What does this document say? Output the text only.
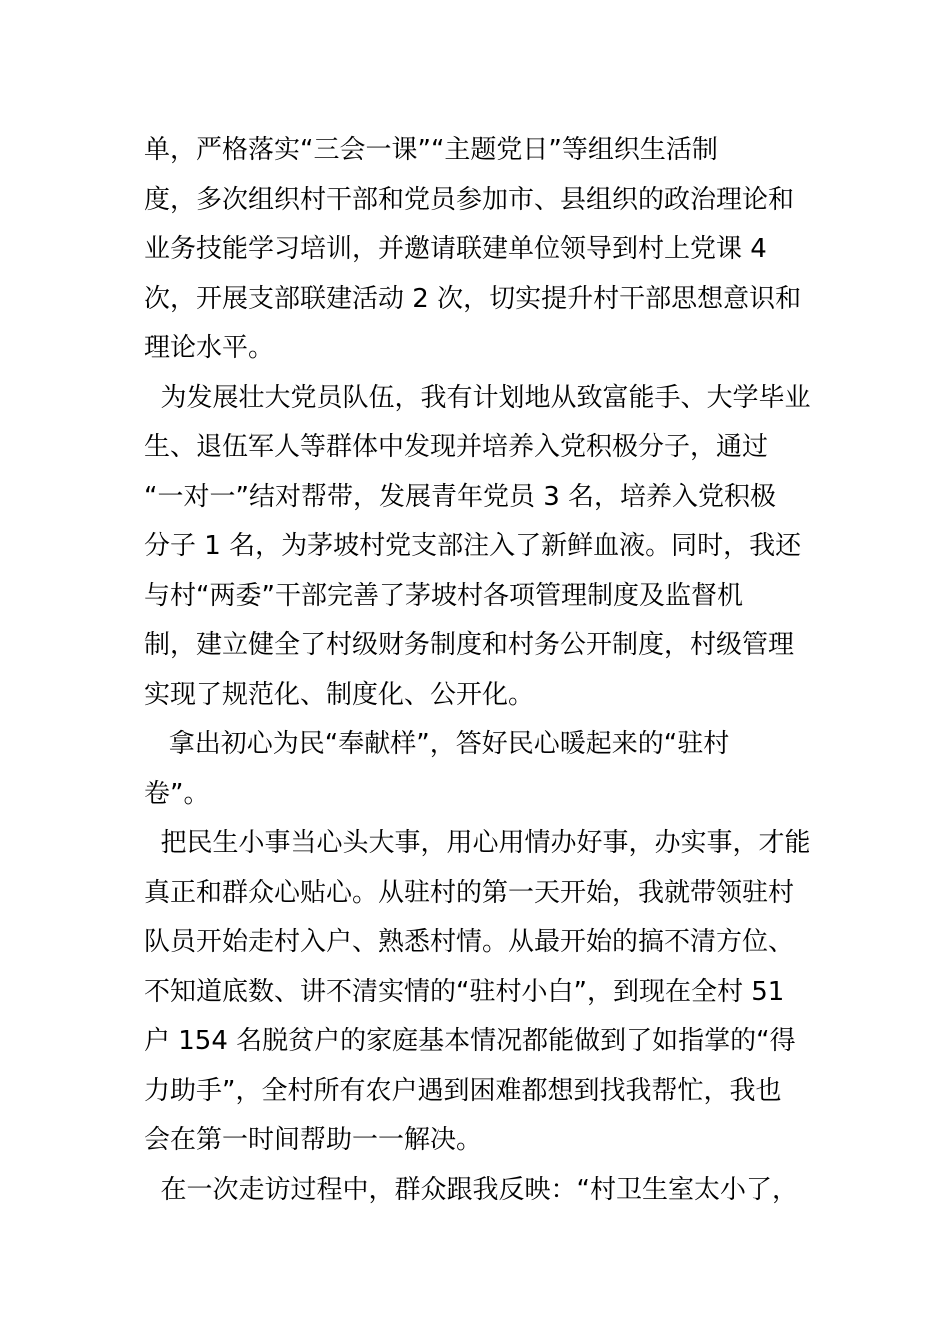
单，严格落实“三会一课”“主题党日”等组织生活制
度，多次组织村干部和党员参加市、县组织的政治理论和
业务技能学习培训，并邀请联建单位领导到村上党课 4
次，开展支部联建活动 2 次，切实提升村干部思想意识和
理论水平。
为发展壮大党员队伍，我有计划地从致富能手、大学毕业
生、退伍军人等群体中发现并培养入党积极分子，通过
“一对一”结对帮带，发展青年党员 3 名，培养入党积极
分子 1 名，为茅坡村党支部注入了新鲜血液。同时，我还
与村“两委”干部完善了茅坡村各项管理制度及监督机
制，建立健全了村级财务制度和村务公开制度，村级管理
实现了规范化、制度化、公开化。
拿出初心为民“奉献样”，答好民心暖起来的“驻村
卷”。
把民生小事当心头大事，用心用情办好事，办实事，才能
真正和群众心贴心。从驻村的第一天开始，我就带领驻村
队员开始走村入户、熟悉村情。从最开始的搞不清方位、
不知道底数、讲不清实情的“驻村小白”，到现在全村 51
户 154 名脱贫户的家庭基本情况都能做到了如指掌的“得
力助手”，全村所有农户遇到困难都想到找我帮忙，我也
会在第一时间帮助一一解决。
在一次走访过程中，群众跟我反映：“村卫生室太小了，
